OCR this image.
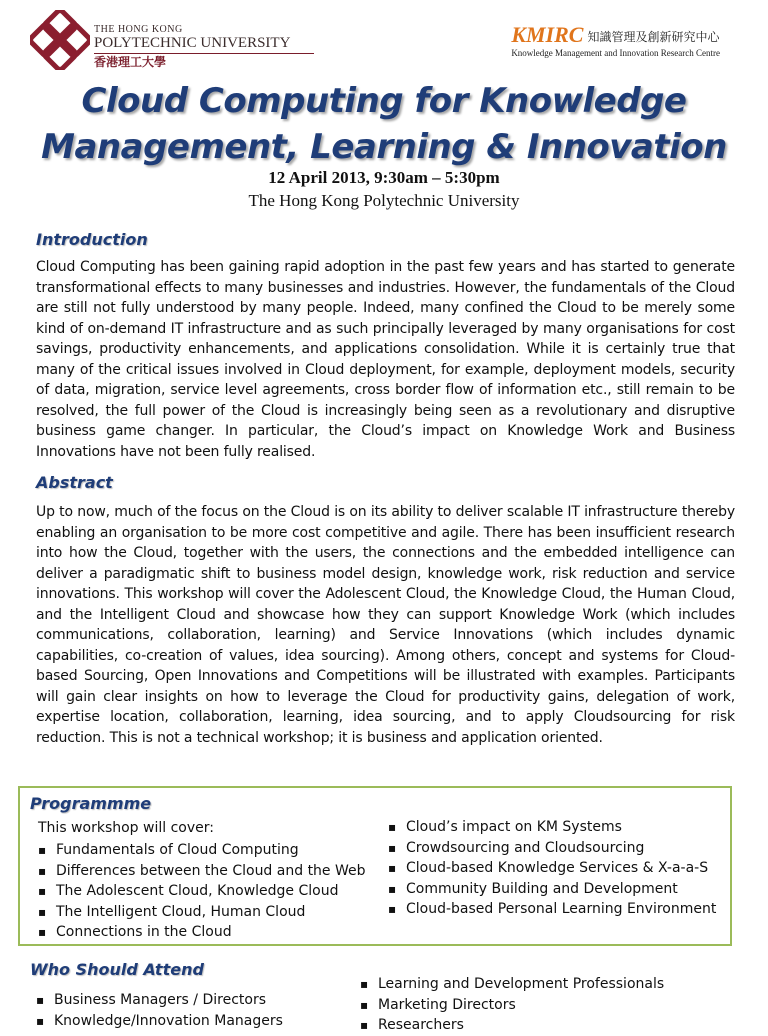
THE HONG KONG
POLYTECHNIC UNIVERSITY
香港理工大學
KMIRC 知識管理及創新研究中心
Knowledge Management and Innovation Research Centre
Cloud Computing for Knowledge
Management, Learning & Innovation
12 April 2013, 9:30am – 5:30pm
The Hong Kong Polytechnic University
Introduction
Cloud Computing has been gaining rapid adoption in the past few years and has started to generate transformational effects to many businesses and industries. However, the fundamentals of the Cloud are still not fully understood by many people. Indeed, many confined the Cloud to be merely some kind of on-demand IT infrastructure and as such principally leveraged by many organisations for cost savings, productivity enhancements, and applications consolidation. While it is certainly true that many of the critical issues involved in Cloud deployment, for example, deployment models, security of data, migration, service level agreements, cross border flow of information etc., still remain to be resolved, the full power of the Cloud is increasingly being seen as a revolutionary and disruptive business game changer. In particular, the Cloud’s impact on Knowledge Work and Business Innovations have not been fully realised.
Abstract
Up to now, much of the focus on the Cloud is on its ability to deliver scalable IT infrastructure thereby enabling an organisation to be more cost competitive and agile. There has been insufficient research into how the Cloud, together with the users, the connections and the embedded intelligence can deliver a paradigmatic shift to business model design, knowledge work, risk reduction and service innovations. This workshop will cover the Adolescent Cloud, the Knowledge Cloud, the Human Cloud, and the Intelligent Cloud and showcase how they can support Knowledge Work (which includes communications, collaboration, learning) and Service Innovations (which includes dynamic capabilities, co-creation of values, idea sourcing). Among others, concept and systems for Cloud-based Sourcing, Open Innovations and Competitions will be illustrated with examples. Participants will gain clear insights on how to leverage the Cloud for productivity gains, delegation of work, expertise location, collaboration, learning, idea sourcing, and to apply Cloudsourcing for risk reduction. This is not a technical workshop; it is business and application oriented.
Programmme
This workshop will cover:
▪ Fundamentals of Cloud Computing
▪ Differences between the Cloud and the Web
▪ The Adolescent Cloud, Knowledge Cloud
▪ The Intelligent Cloud, Human Cloud
▪ Connections in the Cloud
▪ Cloud’s impact on KM Systems
▪ Crowdsourcing and Cloudsourcing
▪ Cloud-based Knowledge Services & X-a-a-S
▪ Community Building and Development
▪ Cloud-based Personal Learning Environment
Who Should Attend
▪ Business Managers / Directors
▪ Knowledge/Innovation Managers
▪ Learning and Development Professionals
▪ Marketing Directors
▪ Researchers
